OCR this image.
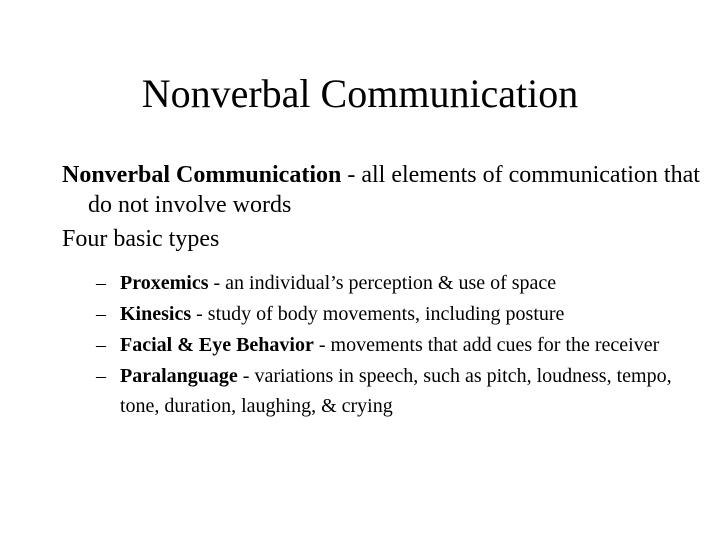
Nonverbal Communication

Nonverbal Communication - all elements of communication that do not involve words

Four basic types

– Proxemics - an individual’s perception & use of space
– Kinesics - study of body movements, including posture
– Facial & Eye Behavior - movements that add cues for the receiver
– Paralanguage - variations in speech, such as pitch, loudness, tempo, tone, duration, laughing, & crying
